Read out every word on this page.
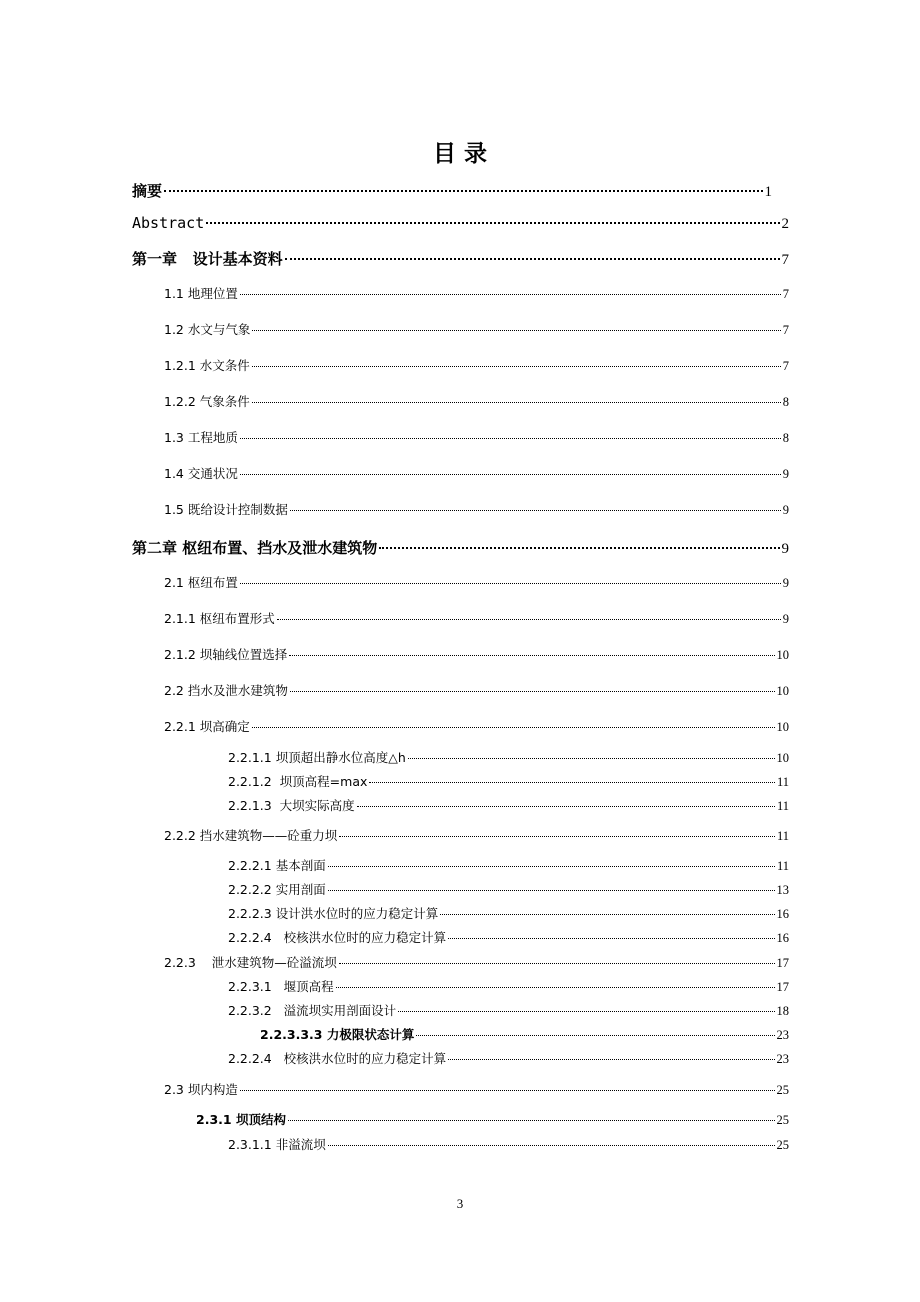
目 录
摘要	1
Abstract	2
第一章   设计基本资料	7
1.1 地理位置	7
1.2 水文与气象	7
1.2.1 水文条件	7
1.2.2 气象条件	8
1.3 工程地质	8
1.4 交通状况	9
1.5 既给设计控制数据	9
第二章 枢纽布置、挡水及泄水建筑物	9
2.1 枢纽布置	9
2.1.1 枢纽布置形式	9
2.1.2 坝轴线位置选择	10
2.2 挡水及泄水建筑物	10
2.2.1 坝高确定	10
2.2.1.1 坝顶超出静水位高度△h	10
2.2.1.2  坝顶高程=max	11
2.2.1.3  大坝实际高度	11
2.2.2 挡水建筑物——砼重力坝	11
2.2.2.1 基本剖面	11
2.2.2.2 实用剖面	13
2.2.2.3 设计洪水位时的应力稳定计算	16
2.2.2.4   校核洪水位时的应力稳定计算	16
2.2.3    泄水建筑物—砼溢流坝	17
2.2.3.1   堰顶高程	17
2.2.3.2   溢流坝实用剖面设计	18
2.2.3.3.3 力极限状态计算	23
2.2.2.4   校核洪水位时的应力稳定计算	23
2.3 坝内构造	25
2.3.1 坝顶结构	25
2.3.1.1 非溢流坝	25
3
